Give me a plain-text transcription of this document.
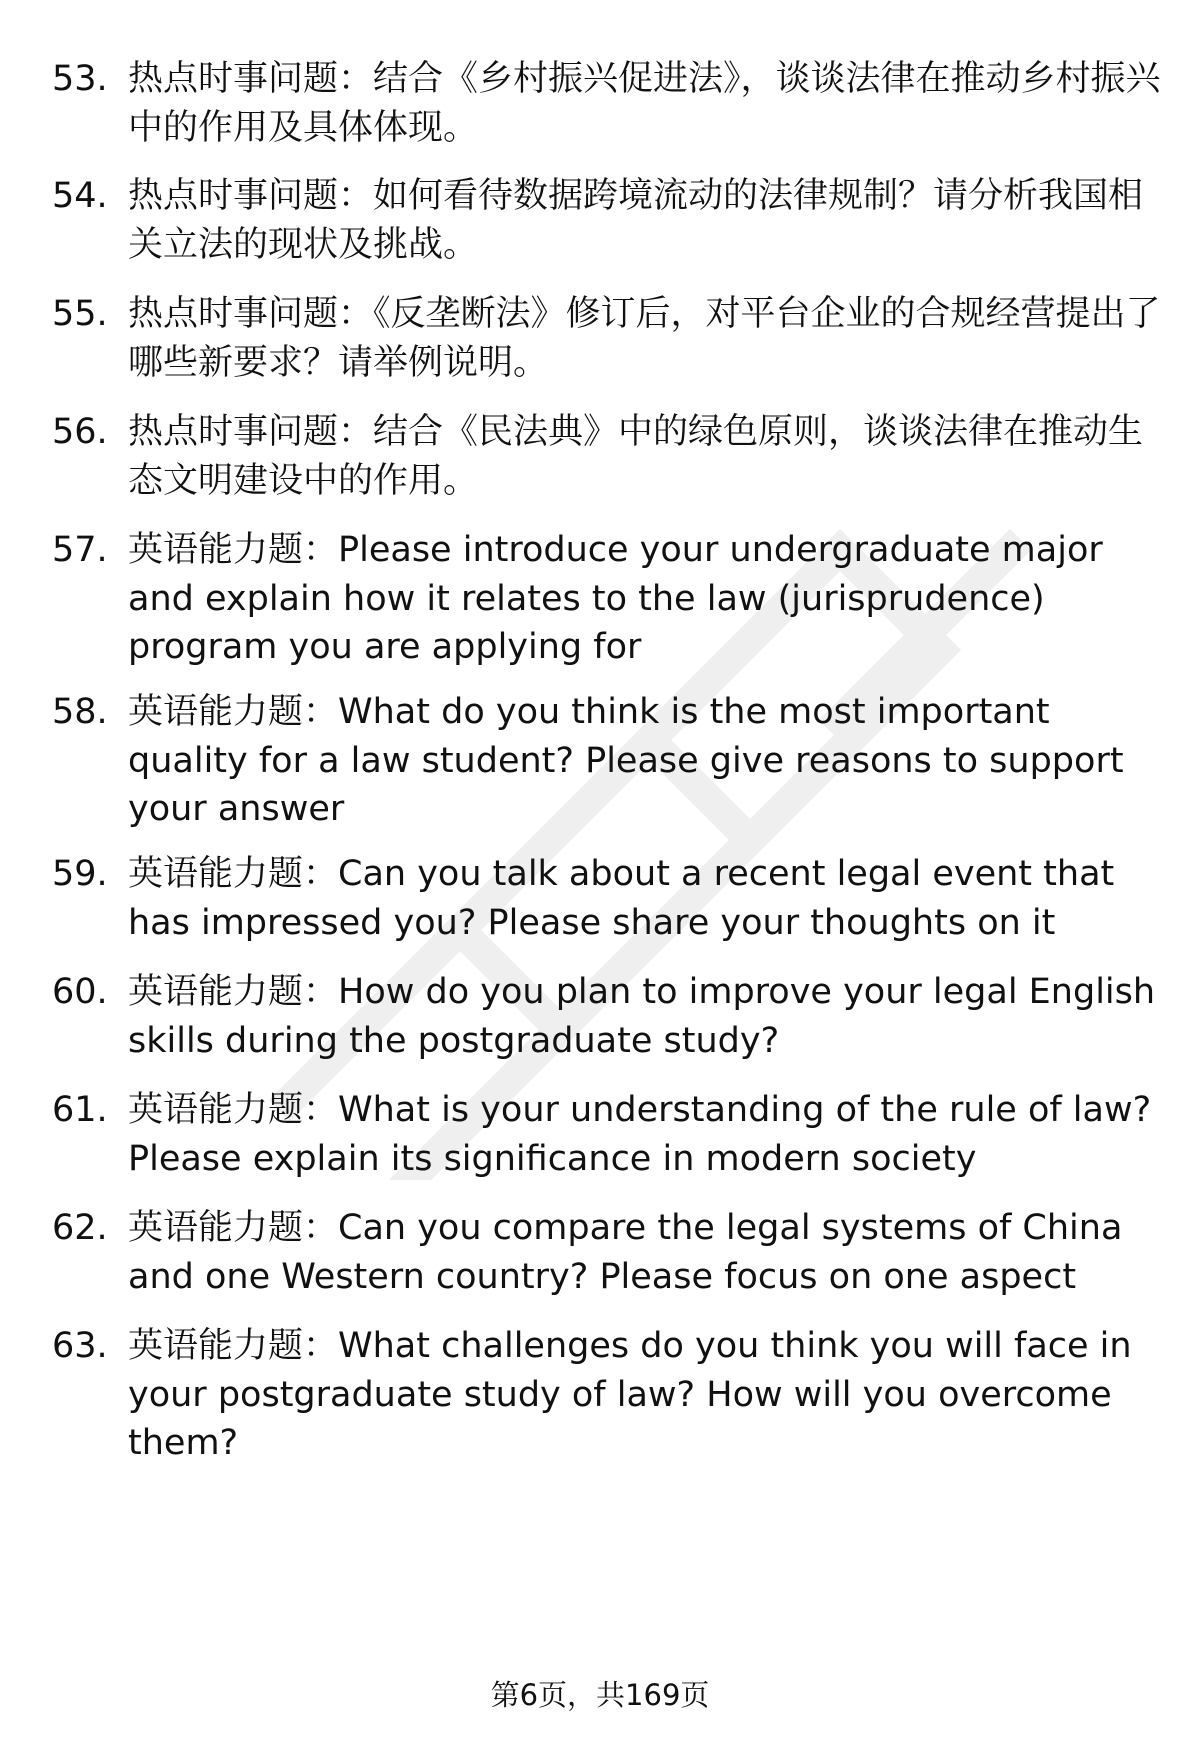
53. 热点时事问题：结合《乡村振兴促进法》，谈谈法律在推动乡村振兴中的作用及具体体现。
54. 热点时事问题：如何看待数据跨境流动的法律规制？请分析我国相关立法的现状及挑战。
55. 热点时事问题：《反垄断法》修订后，对平台企业的合规经营提出了哪些新要求？请举例说明。
56. 热点时事问题：结合《民法典》中的绿色原则，谈谈法律在推动生态文明建设中的作用。
57. 英语能力题：Please introduce your undergraduate major and explain how it relates to the law (jurisprudence) program you are applying for
58. 英语能力题：What do you think is the most important quality for a law student? Please give reasons to support your answer
59. 英语能力题：Can you talk about a recent legal event that has impressed you? Please share your thoughts on it
60. 英语能力题：How do you plan to improve your legal English skills during the postgraduate study?
61. 英语能力题：What is your understanding of the rule of law? Please explain its significance in modern society
62. 英语能力题：Can you compare the legal systems of China and one Western country? Please focus on one aspect
63. 英语能力题：What challenges do you think you will face in your postgraduate study of law? How will you overcome them?
第6页，共169页
